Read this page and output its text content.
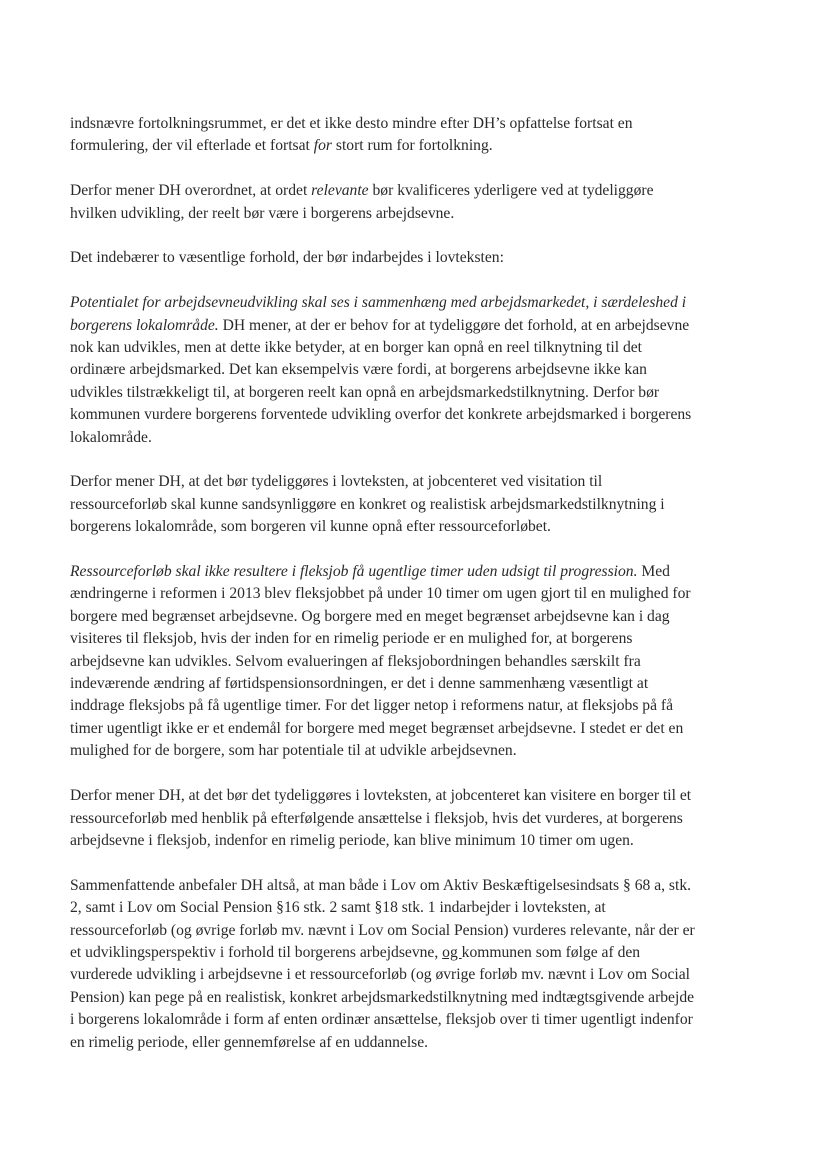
indsnævre fortolkningsrummet, er det et ikke desto mindre efter DH’s opfattelse fortsat en
formulering, der vil efterlade et fortsat for stort rum for fortolkning.

Derfor mener DH overordnet, at ordet relevante bør kvalificeres yderligere ved at tydeliggøre
hvilken udvikling, der reelt bør være i borgerens arbejdsevne.

Det indebærer to væsentlige forhold, der bør indarbejdes i lovteksten:

Potentialet for arbejdsevneudvikling skal ses i sammenhæng med arbejdsmarkedet, i særdeleshed i
borgerens lokalområde. DH mener, at der er behov for at tydeliggøre det forhold, at en arbejdsevne
nok kan udvikles, men at dette ikke betyder, at en borger kan opnå en reel tilknytning til det
ordinære arbejdsmarked. Det kan eksempelvis være fordi, at borgerens arbejdsevne ikke kan
udvikles tilstrækkeligt til, at borgeren reelt kan opnå en arbejdsmarkedstilknytning. Derfor bør
kommunen vurdere borgerens forventede udvikling overfor det konkrete arbejdsmarked i borgerens
lokalområde.

Derfor mener DH, at det bør tydeliggøres i lovteksten, at jobcenteret ved visitation til
ressourceforløb skal kunne sandsynliggøre en konkret og realistisk arbejdsmarkedstilknytning i
borgerens lokalområde, som borgeren vil kunne opnå efter ressourceforløbet.

Ressourceforløb skal ikke resultere i fleksjob få ugentlige timer uden udsigt til progression. Med
ændringerne i reformen i 2013 blev fleksjobbet på under 10 timer om ugen gjort til en mulighed for
borgere med begrænset arbejdsevne. Og borgere med en meget begrænset arbejdsevne kan i dag
visiteres til fleksjob, hvis der inden for en rimelig periode er en mulighed for, at borgerens
arbejdsevne kan udvikles. Selvom evalueringen af fleksjobordningen behandles særskilt fra
indeværende ændring af førtidspensionsordningen, er det i denne sammenhæng væsentligt at
inddrage fleksjobs på få ugentlige timer. For det ligger netop i reformens natur, at fleksjobs på få
timer ugentligt ikke er et endemål for borgere med meget begrænset arbejdsevne. I stedet er det en
mulighed for de borgere, som har potentiale til at udvikle arbejdsevnen.

Derfor mener DH, at det bør det tydeliggøres i lovteksten, at jobcenteret kan visitere en borger til et
ressourceforløb med henblik på efterfølgende ansættelse i fleksjob, hvis det vurderes, at borgerens
arbejdsevne i fleksjob, indenfor en rimelig periode, kan blive minimum 10 timer om ugen.

Sammenfattende anbefaler DH altså, at man både i Lov om Aktiv Beskæftigelsesindsats § 68 a, stk.
2, samt i Lov om Social Pension §16 stk. 2 samt §18 stk. 1 indarbejder i lovteksten, at
ressourceforløb (og øvrige forløb mv. nævnt i Lov om Social Pension) vurderes relevante, når der er
et udviklingsperspektiv i forhold til borgerens arbejdsevne, og kommunen som følge af den
vurderede udvikling i arbejdsevne i et ressourceforløb (og øvrige forløb mv. nævnt i Lov om Social
Pension) kan pege på en realistisk, konkret arbejdsmarkedstilknytning med indtægtsgivende arbejde
i borgerens lokalområde i form af enten ordinær ansættelse, fleksjob over ti timer ugentligt indenfor
en rimelig periode, eller gennemførelse af en uddannelse.
